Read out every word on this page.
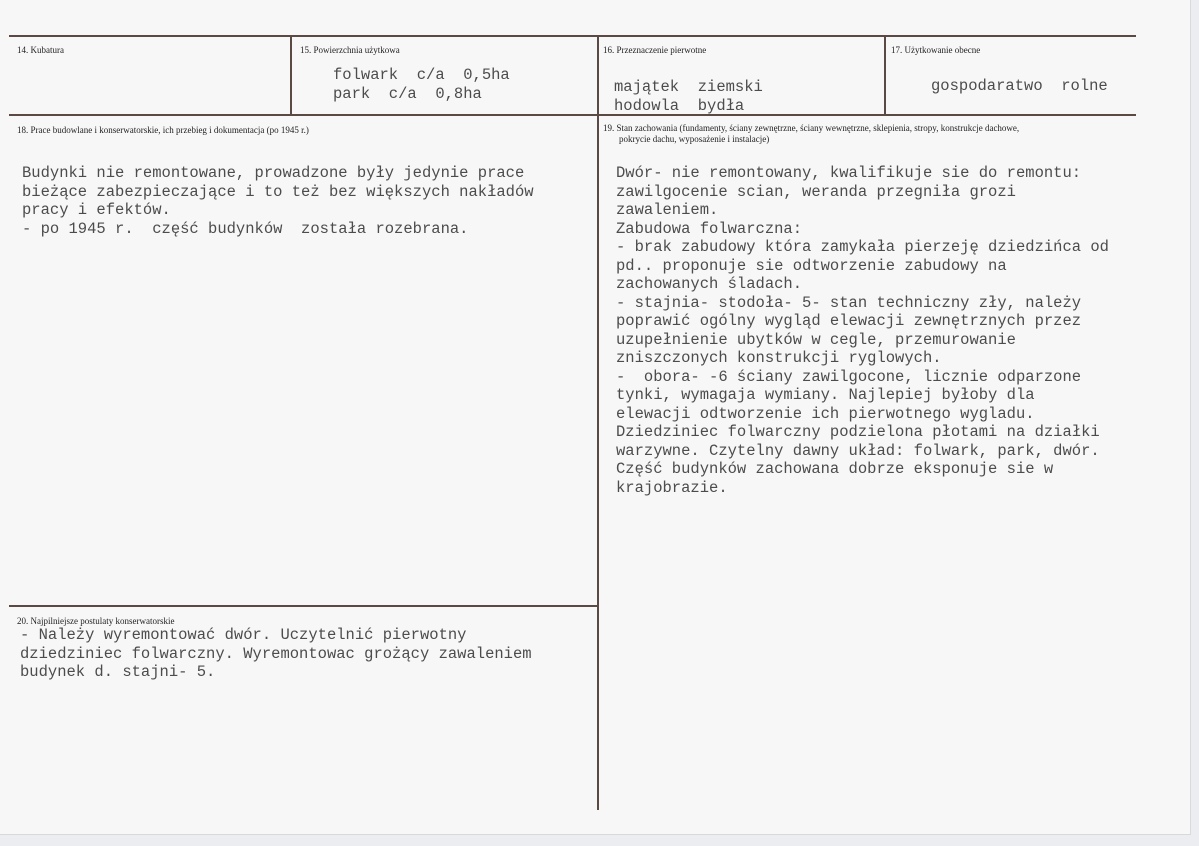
14. Kubatura	15. Powierzchnia użytkowa
folwark  c/a  0,5ha
park  c/a  0,8ha
16. Przeznaczenie pierwotne
majątek  ziemski
hodowla  bydła
17. Użytkowanie obecne
gospodaratwo  rolne
18. Prace budowlane i konserwatorskie, ich przebieg i dokumentacja (po 1945 r.)
Budynki nie remontowane, prowadzone były jedynie prace
bieżące zabezpieczające i to też bez większych nakładów
pracy i efektów.
- po 1945 r.  część budynków  została rozebrana.
19. Stan zachowania (fundamenty, ściany zewnętrzne, ściany wewnętrzne, sklepienia, stropy, konstrukcje dachowe,
pokrycie dachu, wyposażenie i instalacje)
Dwór- nie remontowany, kwalifikuje sie do remontu:
zawilgocenie scian, weranda przegniła grozi
zawaleniem.
Zabudowa folwarczna:
- brak zabudowy która zamykała pierzeję dziedzińca od
pd.. proponuje sie odtworzenie zabudowy na
zachowanych śladach.
- stajnia- stodoła- 5- stan techniczny zły, należy
poprawić ogólny wygląd elewacji zewnętrznych przez
uzupełnienie ubytków w cegle, przemurowanie
zniszczonych konstrukcji ryglowych.
-  obora- -6 ściany zawilgocone, licznie odparzone
tynki, wymagaja wymiany. Najlepiej byłoby dla
elewacji odtworzenie ich pierwotnego wygladu.
Dziedziniec folwarczny podzielona płotami na działki
warzywne. Czytelny dawny układ: folwark, park, dwór.
Część budynków zachowana dobrze eksponuje sie w
krajobrazie.
20. Najpilniejsze postulaty konserwatorskie
- Należy wyremontować dwór. Uczytelnić pierwotny
dziedziniec folwarczny. Wyremontowac grożący zawaleniem
budynek d. stajni- 5.
